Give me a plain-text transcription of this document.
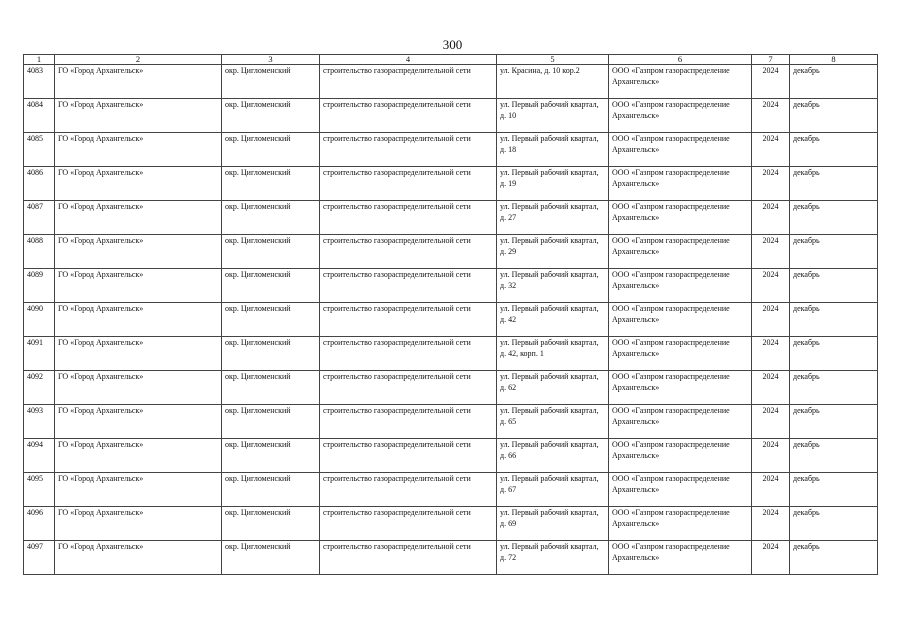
300
1	2	3	4	5	6	7	8
4083	ГО «Город Архангельск»	окр. Цигломенский	строительство газораспределительной сети	ул. Красина, д. 10 кор.2	ООО «Газпром газораспределение Архангельск»	2024	декабрь
4084	ГО «Город Архангельск»	окр. Цигломенский	строительство газораспределительной сети	ул. Первый рабочий квартал, д. 10	ООО «Газпром газораспределение Архангельск»	2024	декабрь
4085	ГО «Город Архангельск»	окр. Цигломенский	строительство газораспределительной сети	ул. Первый рабочий квартал, д. 18	ООО «Газпром газораспределение Архангельск»	2024	декабрь
4086	ГО «Город Архангельск»	окр. Цигломенский	строительство газораспределительной сети	ул. Первый рабочий квартал, д. 19	ООО «Газпром газораспределение Архангельск»	2024	декабрь
4087	ГО «Город Архангельск»	окр. Цигломенский	строительство газораспределительной сети	ул. Первый рабочий квартал, д. 27	ООО «Газпром газораспределение Архангельск»	2024	декабрь
4088	ГО «Город Архангельск»	окр. Цигломенский	строительство газораспределительной сети	ул. Первый рабочий квартал, д. 29	ООО «Газпром газораспределение Архангельск»	2024	декабрь
4089	ГО «Город Архангельск»	окр. Цигломенский	строительство газораспределительной сети	ул. Первый рабочий квартал, д. 32	ООО «Газпром газораспределение Архангельск»	2024	декабрь
4090	ГО «Город Архангельск»	окр. Цигломенский	строительство газораспределительной сети	ул. Первый рабочий квартал, д. 42	ООО «Газпром газораспределение Архангельск»	2024	декабрь
4091	ГО «Город Архангельск»	окр. Цигломенский	строительство газораспределительной сети	ул. Первый рабочий квартал, д. 42, корп. 1	ООО «Газпром газораспределение Архангельск»	2024	декабрь
4092	ГО «Город Архангельск»	окр. Цигломенский	строительство газораспределительной сети	ул. Первый рабочий квартал, д. 62	ООО «Газпром газораспределение Архангельск»	2024	декабрь
4093	ГО «Город Архангельск»	окр. Цигломенский	строительство газораспределительной сети	ул. Первый рабочий квартал, д. 65	ООО «Газпром газораспределение Архангельск»	2024	декабрь
4094	ГО «Город Архангельск»	окр. Цигломенский	строительство газораспределительной сети	ул. Первый рабочий квартал, д. 66	ООО «Газпром газораспределение Архангельск»	2024	декабрь
4095	ГО «Город Архангельск»	окр. Цигломенский	строительство газораспределительной сети	ул. Первый рабочий квартал, д. 67	ООО «Газпром газораспределение Архангельск»	2024	декабрь
4096	ГО «Город Архангельск»	окр. Цигломенский	строительство газораспределительной сети	ул. Первый рабочий квартал, д. 69	ООО «Газпром газораспределение Архангельск»	2024	декабрь
4097	ГО «Город Архангельск»	окр. Цигломенский	строительство газораспределительной сети	ул. Первый рабочий квартал, д. 72	ООО «Газпром газораспределение Архангельск»	2024	декабрь
